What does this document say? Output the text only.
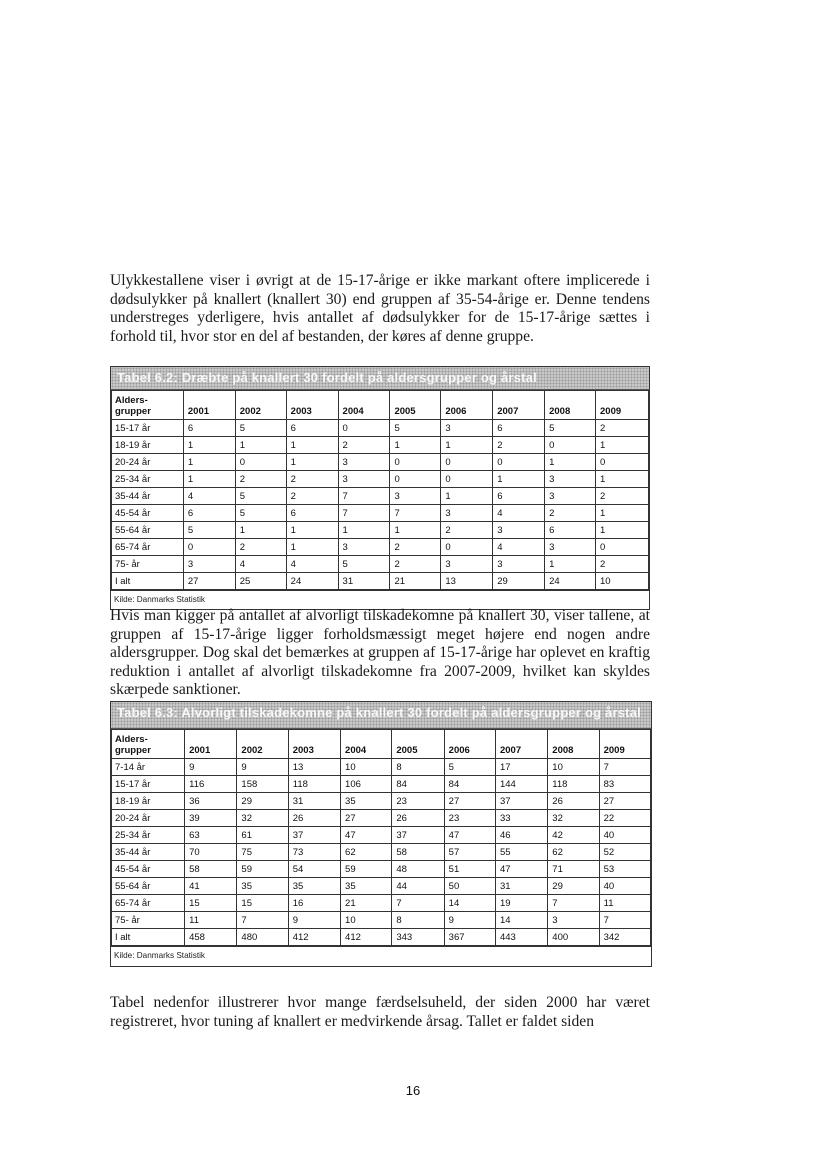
Ulykkestallene viser i øvrigt at de 15-17-årige er ikke markant oftere implicerede i dødsulykker på knallert (knallert 30) end gruppen af 35-54-årige er. Denne tendens understreges yderligere, hvis antallet af dødsulykker for de 15-17-årige sættes i forhold til, hvor stor en del af bestanden, der køres af denne gruppe.

Tabel 6.2: Dræbte på knallert 30 fordelt på aldersgrupper og årstal
Alders-
grupper	2001	2002	2003	2004	2005	2006	2007	2008	2009
15-17 år	6	5	6	0	5	3	6	5	2
18-19 år	1	1	1	2	1	1	2	0	1
20-24 år	1	0	1	3	0	0	0	1	0
25-34 år	1	2	2	3	0	0	1	3	1
35-44 år	4	5	2	7	3	1	6	3	2
45-54 år	6	5	6	7	7	3	4	2	1
55-64 år	5	1	1	1	1	2	3	6	1
65-74 år	0	2	1	3	2	0	4	3	0
75- år	3	4	4	5	2	3	3	1	2
I alt	27	25	24	31	21	13	29	24	10
Kilde: Danmarks Statistik

Hvis man kigger på antallet af alvorligt tilskadekomne på knallert 30, viser tallene, at gruppen af 15-17-årige ligger forholdsmæssigt meget højere end nogen andre aldersgrupper. Dog skal det bemærkes at gruppen af 15-17-årige har oplevet en kraftig reduktion i antallet af alvorligt tilskadekomne fra 2007-2009, hvilket kan skyldes skærpede sanktioner.

Tabel 6.3: Alvorligt tilskadekomne på knallert 30 fordelt på aldersgrupper og årstal
Alders-
grupper	2001	2002	2003	2004	2005	2006	2007	2008	2009
7-14 år	9	9	13	10	8	5	17	10	7
15-17 år	116	158	118	106	84	84	144	118	83
18-19 år	36	29	31	35	23	27	37	26	27
20-24 år	39	32	26	27	26	23	33	32	22
25-34 år	63	61	37	47	37	47	46	42	40
35-44 år	70	75	73	62	58	57	55	62	52
45-54 år	58	59	54	59	48	51	47	71	53
55-64 år	41	35	35	35	44	50	31	29	40
65-74 år	15	15	16	21	7	14	19	7	11
75- år	11	7	9	10	8	9	14	3	7
I alt	458	480	412	412	343	367	443	400	342
Kilde: Danmarks Statistik

Tabel nedenfor illustrerer hvor mange færdselsuheld, der siden 2000 har været registreret, hvor tuning af knallert er medvirkende årsag. Tallet er faldet siden

16
